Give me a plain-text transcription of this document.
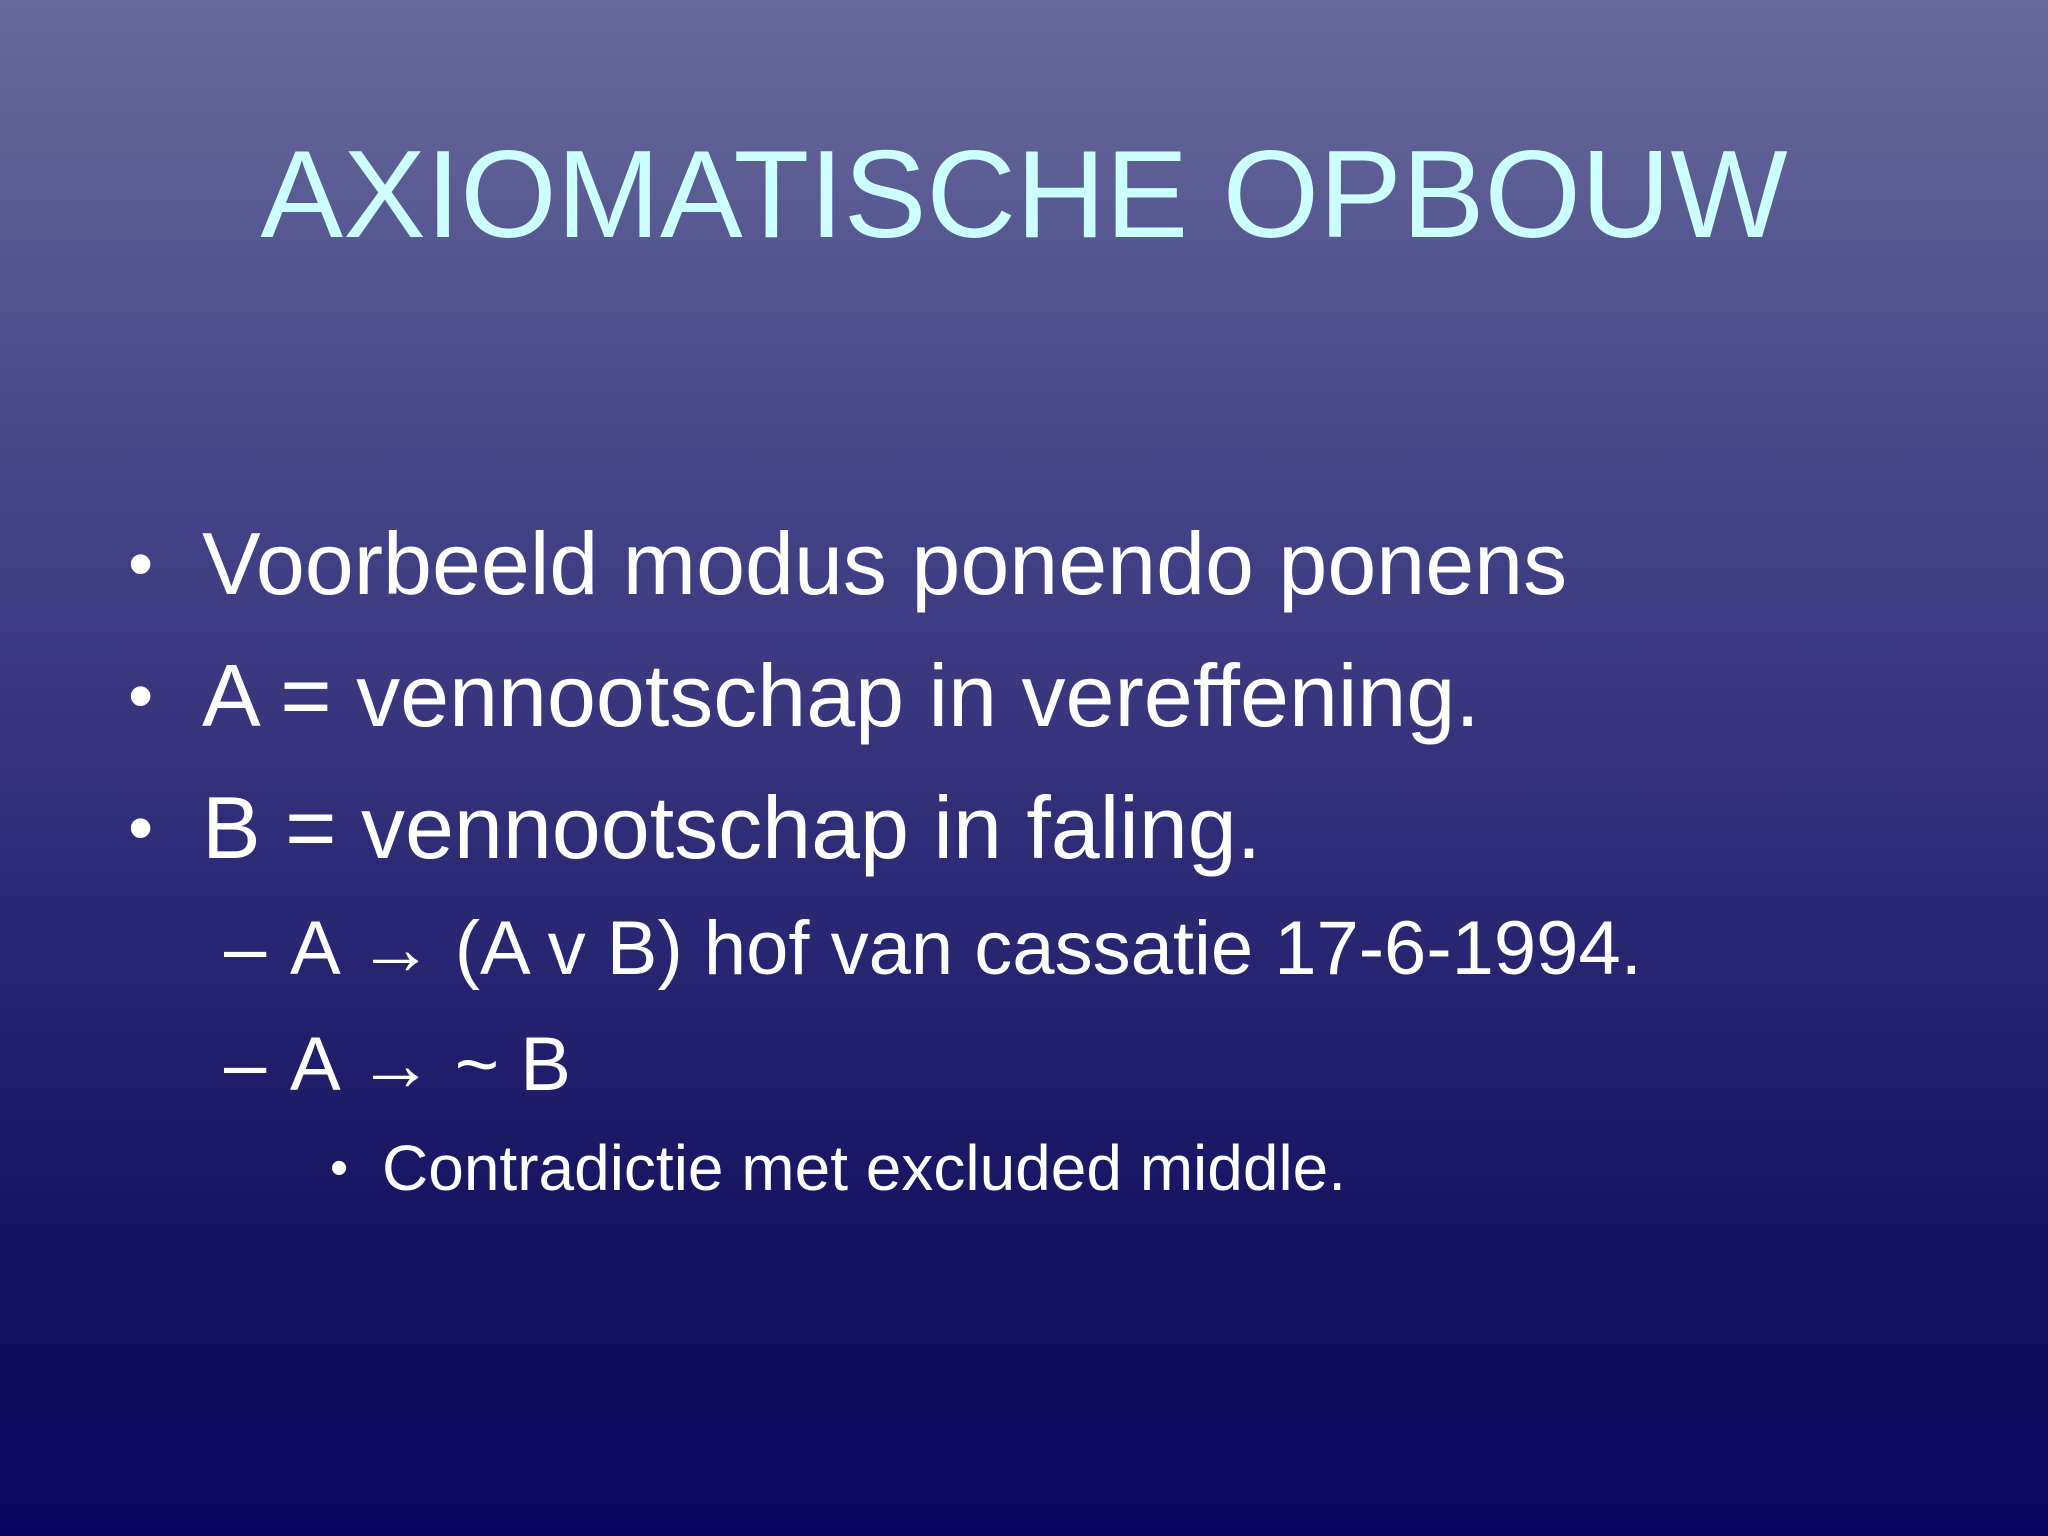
AXIOMATISCHE OPBOUW
• Voorbeeld modus ponendo ponens
• A = vennootschap in vereffening.
• B = vennootschap in faling.
– A → (A v B) hof van cassatie 17-6-1994.
– A → ~ B
• Contradictie met excluded middle.
